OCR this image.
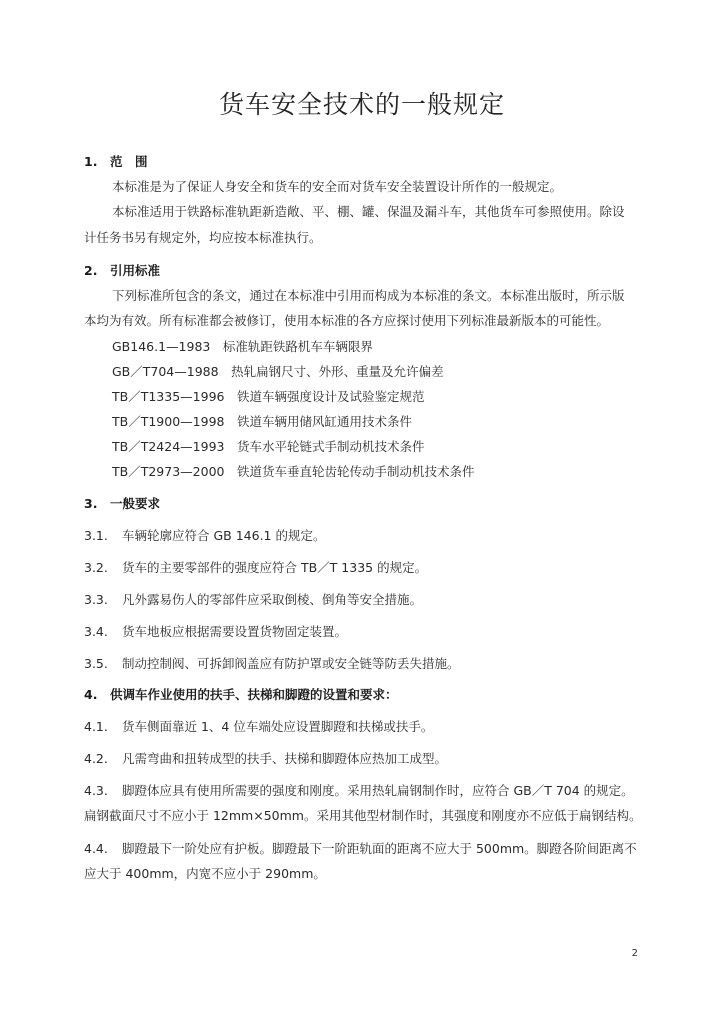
货车安全技术的一般规定
1. 范　围
本标准是为了保证人身安全和货车的安全而对货车安全装置设计所作的一般规定。
本标准适用于铁路标准轨距新造敞、平、棚、罐、保温及漏斗车，其他货车可参照使用。除设
计任务书另有规定外，均应按本标准执行。
2. 引用标准
下列标准所包含的条文，通过在本标准中引用而构成为本标准的条文。本标准出版时，所示版
本均为有效。所有标准都会被修订，使用本标准的各方应探讨使用下列标准最新版本的可能性。
GB146.1—1983　标准轨距铁路机车车辆限界
GB／T704—1988　热轧扁钢尺寸、外形、重量及允许偏差
TB／T1335—1996　铁道车辆强度设计及试验鉴定规范
TB／T1900—1998　铁道车辆用储风缸通用技术条件
TB／T2424—1993　货车水平轮链式手制动机技术条件
TB／T2973—2000　铁道货车垂直轮齿轮传动手制动机技术条件
3. 一般要求
3.1. 车辆轮廓应符合 GB 146.1 的规定。
3.2. 货车的主要零部件的强度应符合 TB／T 1335 的规定。
3.3. 凡外露易伤人的零部件应采取倒棱、倒角等安全措施。
3.4. 货车地板应根据需要设置货物固定装置。
3.5. 制动控制阀、可拆卸阀盖应有防护罩或安全链等防丢失措施。
4. 供调车作业使用的扶手、扶梯和脚蹬的设置和要求：
4.1. 货车侧面靠近 1、4 位车端处应设置脚蹬和扶梯或扶手。
4.2. 凡需弯曲和扭转成型的扶手、扶梯和脚蹬体应热加工成型。
4.3. 脚蹬体应具有使用所需要的强度和刚度。采用热轧扁钢制作时，应符合 GB／T 704 的规定。
扁钢截面尺寸不应小于 12mm×50mm。采用其他型材制作时，其强度和刚度亦不应低于扁钢结构。
4.4. 脚蹬最下一阶处应有护板。脚蹬最下一阶距轨面的距离不应大于 500mm。脚蹬各阶间距离不
应大于 400mm，内宽不应小于 290mm。
2
